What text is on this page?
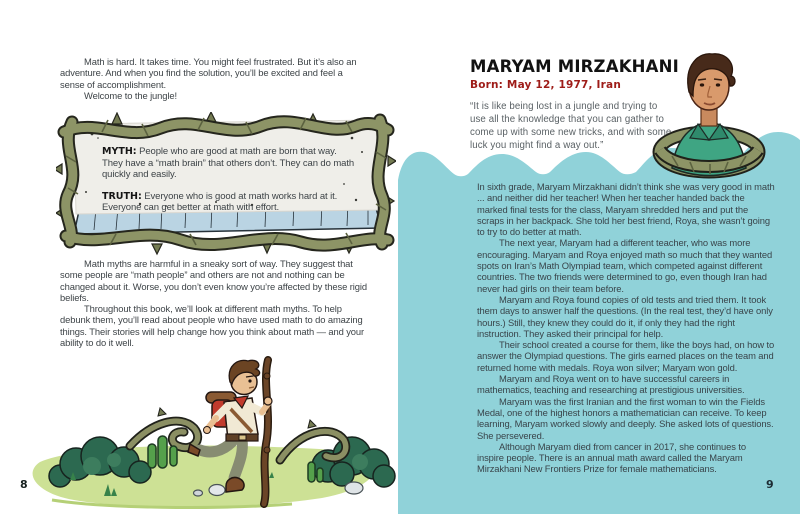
Math is hard. It takes time. You might feel frustrated. But it’s also an adventure. And when you find the solution, you’ll be excited and feel a sense of accomplishment.

Welcome to the jungle!

MYTH: People who are good at math are born that way. They have a “math brain” that others don’t. They can do math quickly and easily.

TRUTH: Everyone who is good at math works hard at it. Everyone can get better at math with effort.

Math myths are harmful in a sneaky sort of way. They suggest that some people are “math people” and others are not and nothing can be changed about it. Worse, you don’t even know you’re affected by these rigid beliefs.

Throughout this book, we’ll look at different math myths. To help debunk them, you’ll read about people who have used math to do amazing things. Their stories will help change how you think about math — and your ability to do it well.

8
MARYAM MIRZAKHANI
Born: May 12, 1977, Iran

“It is like being lost in a jungle and trying to use all the knowledge that you can gather to come up with some new tricks, and with some luck you might find a way out.”

In sixth grade, Maryam Mirzakhani didn’t think she was very good in math ... and neither did her teacher! When her teacher handed back the marked final tests for the class, Maryam shredded hers and put the scraps in her backpack. She told her best friend, Roya, she wasn’t going to try to do better at math.

The next year, Maryam had a different teacher, who was more encouraging. Maryam and Roya enjoyed math so much that they wanted spots on Iran’s Math Olympiad team, which competed against different countries. The two friends were determined to go, even though Iran had never had girls on their team before.

Maryam and Roya found copies of old tests and tried them. It took them days to answer half the questions. (In the real test, they’d have only hours.) Still, they knew they could do it, if only they had the right instruction. They asked their principal for help.

Their school created a course for them, like the boys had, on how to answer the Olympiad questions. The girls earned places on the team and returned home with medals. Roya won silver; Maryam won gold.

Maryam and Roya went on to have successful careers in mathematics, teaching and researching at prestigious universities.

Maryam was the first Iranian and the first woman to win the Fields Medal, one of the highest honors a mathematician can receive. To keep learning, Maryam worked slowly and deeply. She asked lots of questions. She persevered.

Although Maryam died from cancer in 2017, she continues to inspire people. There is an annual math award called the Maryam Mirzakhani New Frontiers Prize for female mathematicians.

9
